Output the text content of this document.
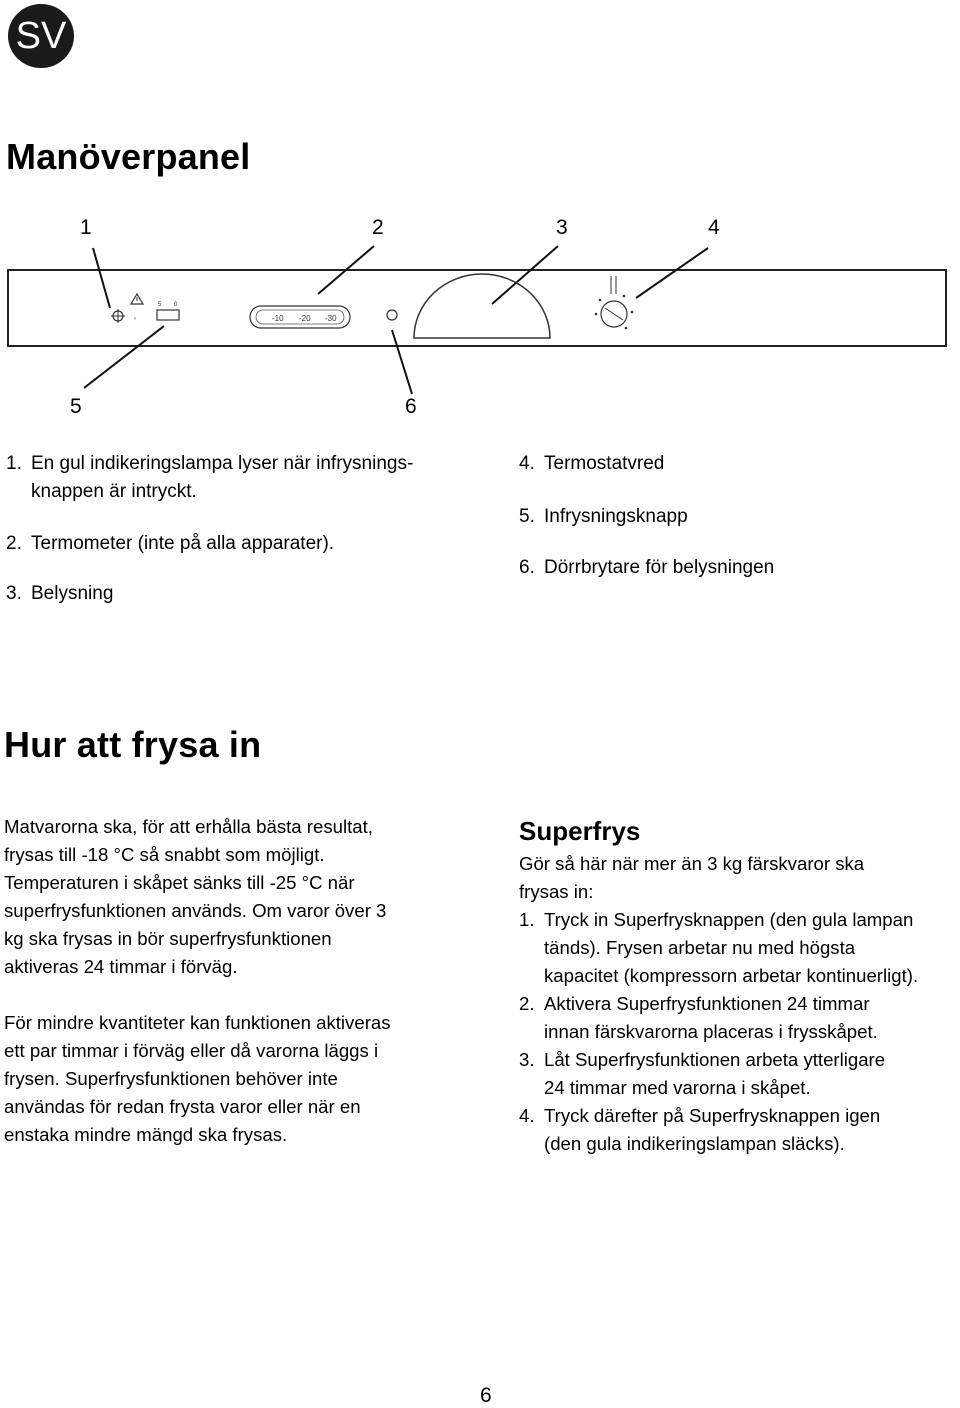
SV
Manöverpanel
‹
5 0
-10 -20 -30
1	2	3	4
5	6
1. En gul indikeringslampa lyser när infrysnings-
knappen är intryckt.
2. Termometer (inte på alla apparater).
3. Belysning
4. Termostatvred
5. Infrysningsknapp
6. Dörrbrytare för belysningen
Hur att frysa in
Matvarorna ska, för att erhålla bästa resultat,
frysas till -18 °C så snabbt som möjligt.
Temperaturen i skåpet sänks till -25 °C när
superfrysfunktionen används. Om varor över 3
kg ska frysas in bör superfrysfunktionen
aktiveras 24 timmar i förväg.
För mindre kvantiteter kan funktionen aktiveras
ett par timmar i förväg eller då varorna läggs i
frysen. Superfrysfunktionen behöver inte
användas för redan frysta varor eller när en
enstaka mindre mängd ska frysas.
Superfrys
Gör så här när mer än 3 kg färskvaror ska
frysas in:
1. Tryck in Superfrysknappen (den gula lampan
tänds). Frysen arbetar nu med högsta
kapacitet (kompressorn arbetar kontinuerligt).
2. Aktivera Superfrysfunktionen 24 timmar
innan färskvarorna placeras i frysskåpet.
3. Låt Superfrysfunktionen arbeta ytterligare
24 timmar med varorna i skåpet.
4. Tryck därefter på Superfrysknappen igen
(den gula indikeringslampan släcks).
6
